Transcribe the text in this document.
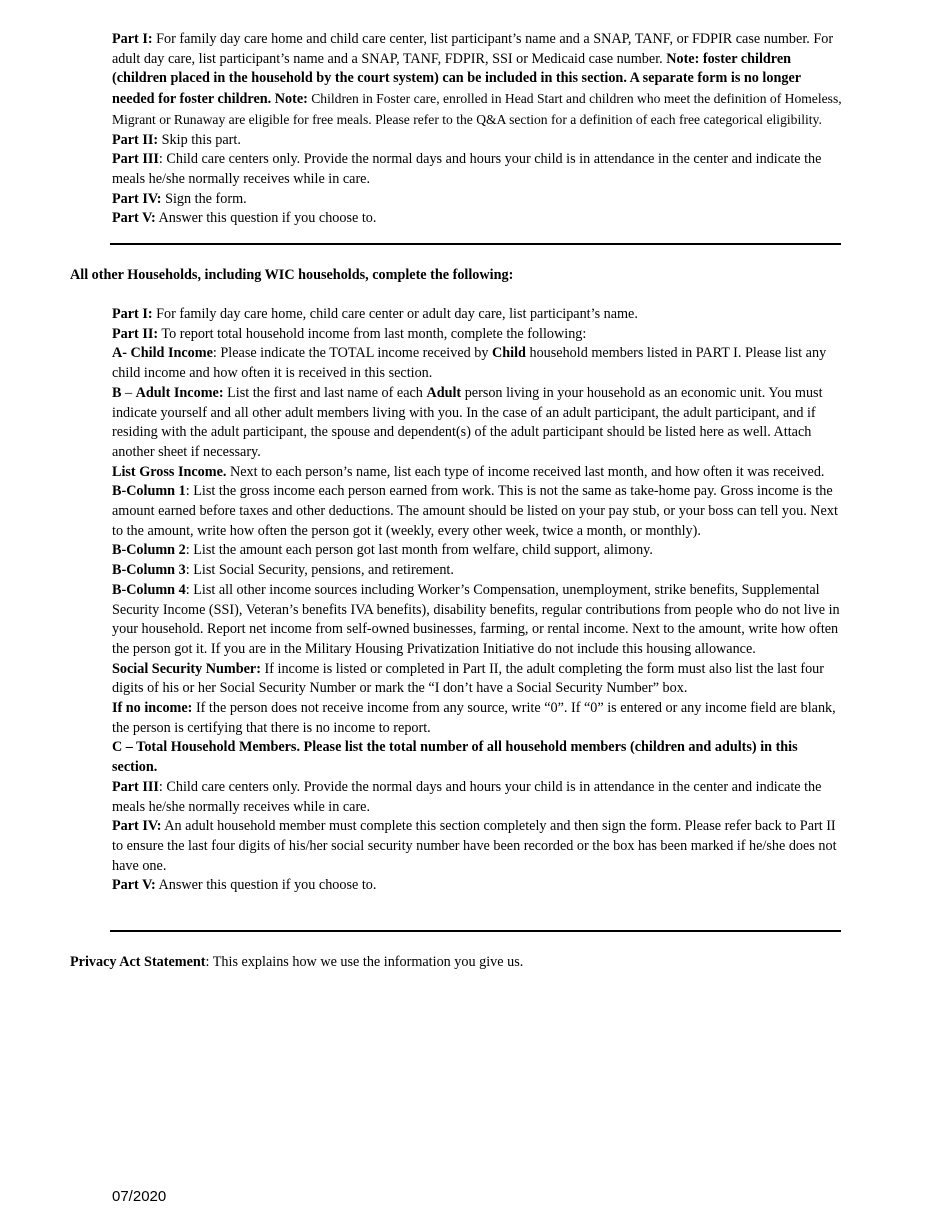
Part I: For family day care home and child care center, list participant’s name and a SNAP, TANF, or FDPIR case number. For adult day care, list participant’s name and a SNAP, TANF, FDPIR, SSI or Medicaid case number. Note: foster children (children placed in the household by the court system) can be included in this section. A separate form is no longer needed for foster children. Note: Children in Foster care, enrolled in Head Start and children who meet the definition of Homeless, Migrant or Runaway are eligible for free meals. Please refer to the Q&A section for a definition of each free categorical eligibility.

Part II: Skip this part.

Part III: Child care centers only. Provide the normal days and hours your child is in attendance in the center and indicate the meals he/she normally receives while in care.

Part IV: Sign the form.

Part V: Answer this question if you choose to.

All other Households, including WIC households, complete the following:

Part I: For family day care home, child care center or adult day care, list participant’s name.

Part II: To report total household income from last month, complete the following:

A- Child Income: Please indicate the TOTAL income received by Child household members listed in PART I. Please list any child income and how often it is received in this section.

B – Adult Income: List the first and last name of each Adult person living in your household as an economic unit. You must indicate yourself and all other adult members living with you. In the case of an adult participant, the adult participant, and if residing with the adult participant, the spouse and dependent(s) of the adult participant should be listed here as well. Attach another sheet if necessary.

List Gross Income. Next to each person’s name, list each type of income received last month, and how often it was received.

B-Column 1: List the gross income each person earned from work. This is not the same as take-home pay. Gross income is the amount earned before taxes and other deductions. The amount should be listed on your pay stub, or your boss can tell you. Next to the amount, write how often the person got it (weekly, every other week, twice a month, or monthly).

B-Column 2: List the amount each person got last month from welfare, child support, alimony.

B-Column 3: List Social Security, pensions, and retirement.

B-Column 4: List all other income sources including Worker’s Compensation, unemployment, strike benefits, Supplemental Security Income (SSI), Veteran’s benefits IVA benefits), disability benefits, regular contributions from people who do not live in your household. Report net income from self-owned businesses, farming, or rental income. Next to the amount, write how often the person got it. If you are in the Military Housing Privatization Initiative do not include this housing allowance.

Social Security Number: If income is listed or completed in Part II, the adult completing the form must also list the last four digits of his or her Social Security Number or mark the “I don’t have a Social Security Number” box.

If no income: If the person does not receive income from any source, write “0”. If “0” is entered or any income field are blank, the person is certifying that there is no income to report.

C – Total Household Members. Please list the total number of all household members (children and adults) in this section.

Part III: Child care centers only. Provide the normal days and hours your child is in attendance in the center and indicate the meals he/she normally receives while in care.

Part IV: An adult household member must complete this section completely and then sign the form. Please refer back to Part II to ensure the last four digits of his/her social security number have been recorded or the box has been marked if he/she does not have one.

Part V: Answer this question if you choose to.

Privacy Act Statement: This explains how we use the information you give us.

07/2020
